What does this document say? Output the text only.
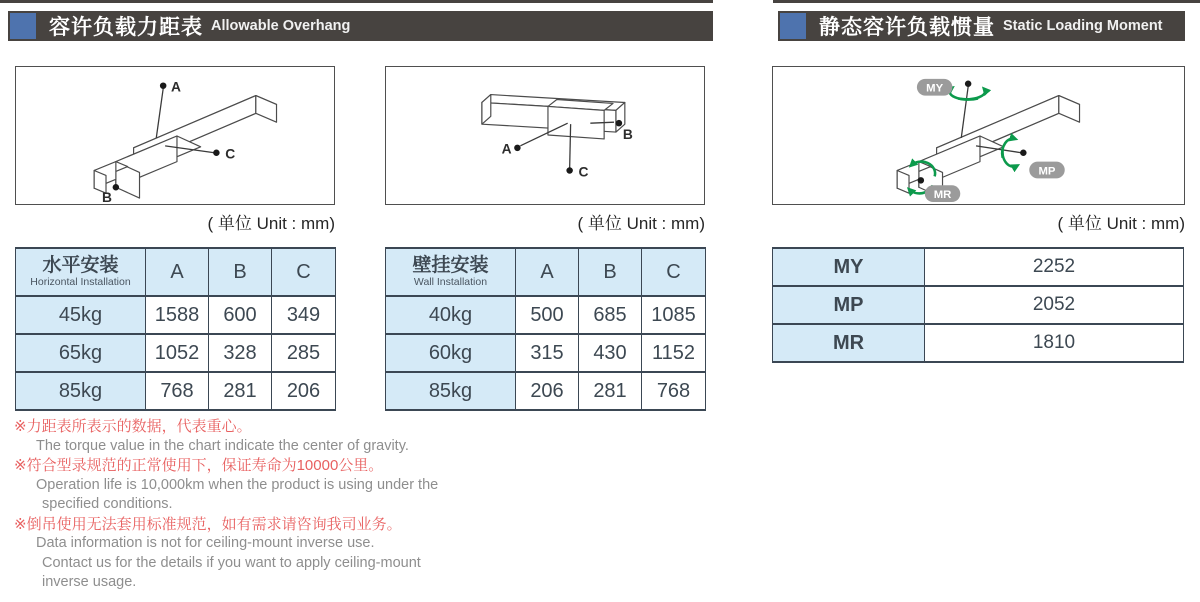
容许负载力距表 Allowable Overhang	静态容许负载惯量 Static Loading Moment
A
B
C	A
B
C
MY
MP
MR
( 单位 Unit : mm)	( 单位 Unit : mm)	( 单位 Unit : mm)
水平安装
Horizontal Installation	A	B	C
45kg	1588	600	349
65kg	1052	328	285
85kg	768	281	206
壁挂安装
Wall Installation	A	B	C
40kg	500	685	1085
60kg	315	430	1152
85kg	206	281	768
MY	2252
MP	2052
MR	1810
※力距表所表示的数据，代表重心。
The torque value in the chart indicate the center of gravity.
※符合型录规范的正常使用下，保证寿命为10000公里。
Operation life is 10,000km when the product is using under the
specified conditions.
※倒吊使用无法套用标准规范，如有需求请咨询我司业务。
Data information is not for ceiling-mount inverse use.
Contact us for the details if you want to apply ceiling-mount
inverse usage.
